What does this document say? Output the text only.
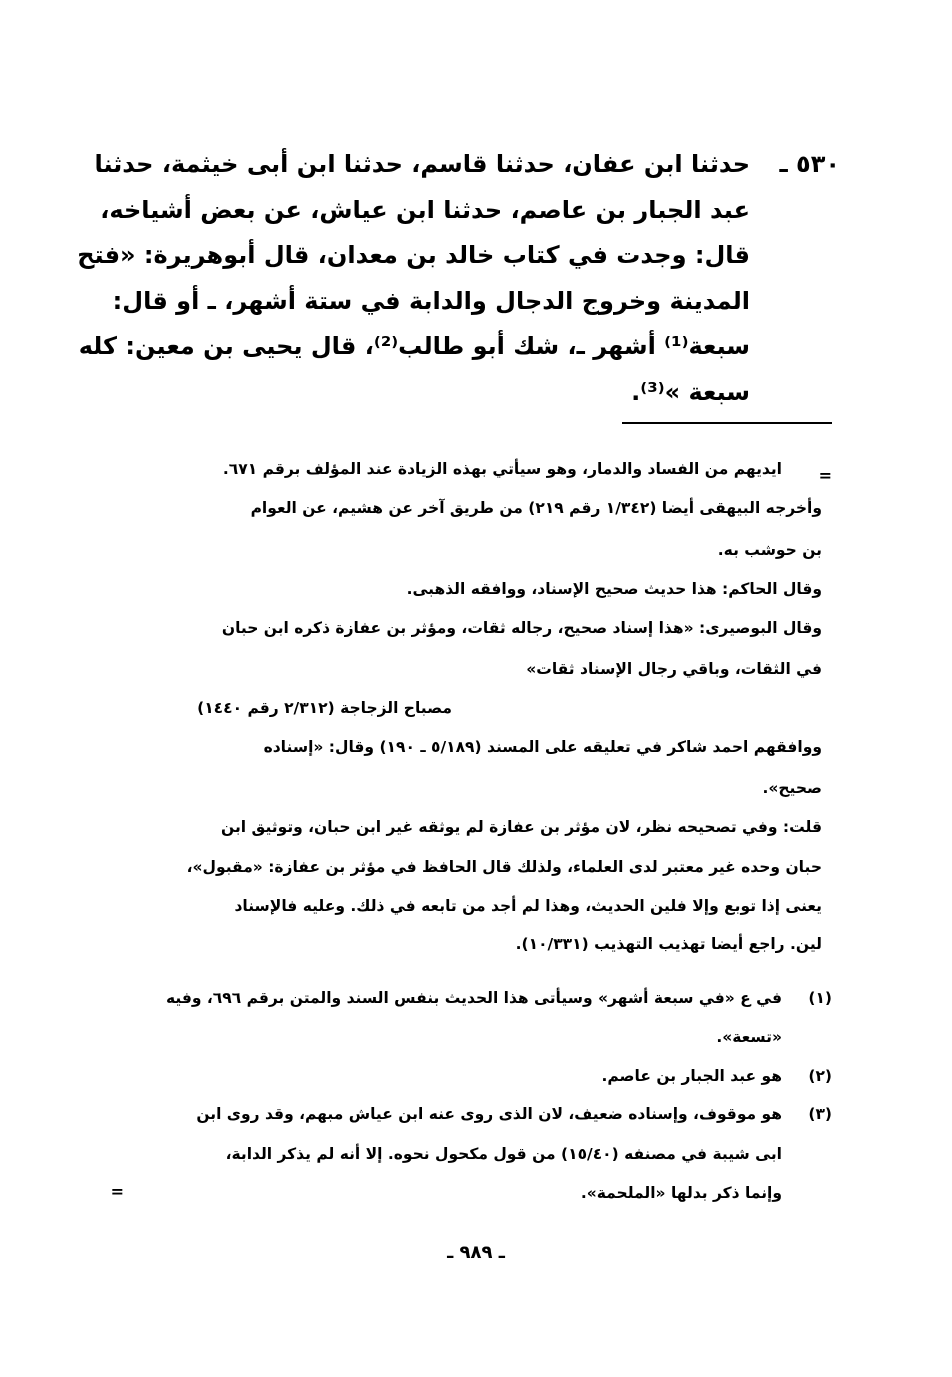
٥٣٠ ـ
حدثنا ابن عفان، حدثنا قاسم، حدثنا ابن أبى خيثمة، حدثنا
عبد الجبار بن عاصم، حدثنا ابن عياش، عن بعض أشياخه،
قال: وجدت في كتاب خالد بن معدان، قال أبوهريرة: «فتح
المدينة وخروج الدجال والدابة في ستة أشهر، ـ أو قال:
سبعة⁽¹⁾ أشهر ـ، شك أبو طالب⁽²⁾، قال يحيى بن معين: كله
سبعة »⁽³⁾.
=
ايديهم من الفساد والدمار، وهو سيأتي بهذه الزيادة عند المؤلف برقم ٦٧١.
وأخرجه البيهقى أيضا (١/٣٤٢ رقم ٢١٩) من طريق آخر عن هشيم، عن العوام
بن حوشب به.
وقال الحاكم: هذا حديث صحيح الإسناد، ووافقه الذهبى.
وقال البوصيرى: «هذا إسناد صحيح، رجاله ثقات، ومؤثر بن عفازة ذكره ابن حبان
في الثقات، وباقي رجال الإسناد ثقات»
مصباح الزجاجة (٢/٣١٢ رقم ١٤٤٠)
ووافقهم احمد شاكر في تعليقه على المسند (٥/١٨٩ ـ ١٩٠) وقال: «إسناده
صحيح».
قلت: وفي تصحيحه نظر، لان مؤثر بن عفازة لم يوثقه غير ابن حبان، وتوثيق ابن
حبان وحده غير معتبر لدى العلماء، ولذلك قال الحافظ في مؤثر بن عفازة: «مقبول»،
يعنى إذا توبع وإلا فلين الحديث، وهذا لم أجد من تابعه في ذلك. وعليه فالإسناد
لين. راجع أيضا تهذيب التهذيب (١٠/٣٣١).
(١)
في ع «في سبعة أشهر» وسيأتى هذا الحديث بنفس السند والمتن برقم ٦٩٦، وفيه
«تسعة».
(٢)
هو عبد الجبار بن عاصم.
(٣)
هو موقوف، وإسناده ضعيف، لان الذى روى عنه ابن عياش مبهم، وقد روى ابن
ابى شيبة في مصنفه (١٥/٤٠) من قول مكحول نحوه. إلا أنه لم يذكر الدابة،
وإنما ذكر بدلها «الملحمة».
=
ـ ٩٨٩ ـ
